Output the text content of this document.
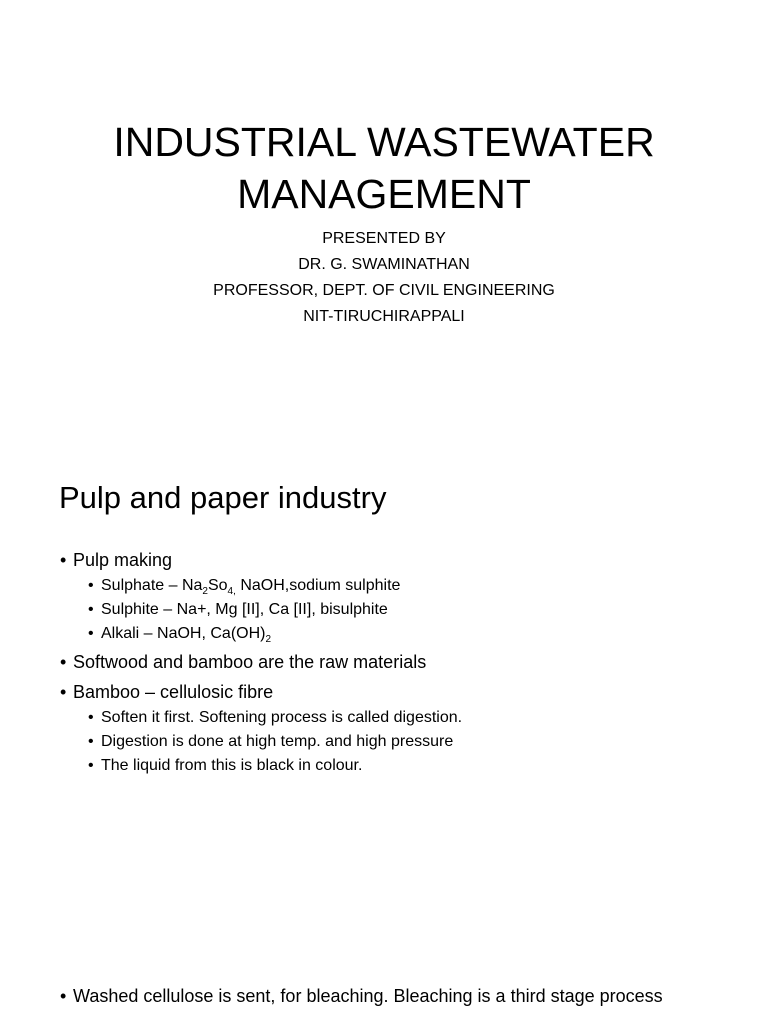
INDUSTRIAL WASTEWATER
MANAGEMENT
PRESENTED BY
DR. G. SWAMINATHAN
PROFESSOR, DEPT. OF CIVIL ENGINEERING
NIT-TIRUCHIRAPPALI
Pulp and paper industry
• Pulp making
• Sulphate – $Na_2So_{4,}$ NaOH,sodium sulphite
• Sulphite – Na+, Mg [II], Ca [II], bisulphite
• Alkali – NaOH, $Ca(OH)_2$
• Softwood and bamboo are the raw materials
• Bamboo – cellulosic fibre
• Soften it first. Softening process is called digestion.
• Digestion is done at high temp. and high pressure
• The liquid from this is black in colour.
• Washed cellulose is sent, for bleaching. Bleaching is a third stage process
